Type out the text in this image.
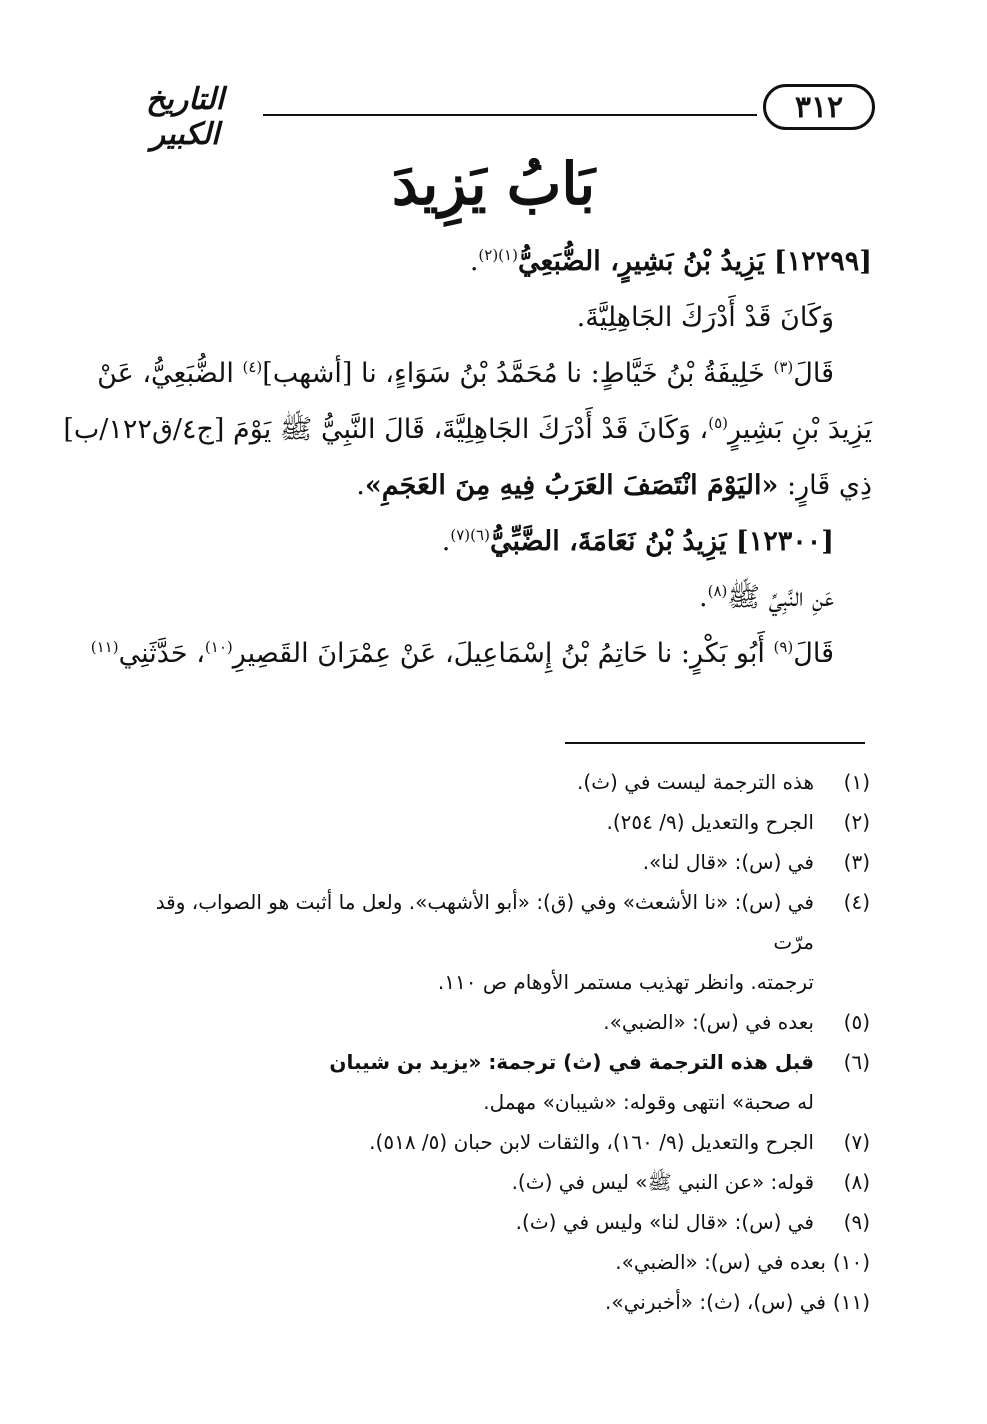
٣١٢
التاريخ الكبير
بَابُ يَزِيدَ
[١٢٢٩٩] يَزِيدُ بْنُ بَشِيرٍ، الضُّبَعِيُّ$^{(١)(٢)}$.
وَكَانَ قَدْ أَدْرَكَ الجَاهِلِيَّةَ.
قَالَ$^{(٣)}$ خَلِيفَةُ بْنُ خَيَّاطٍ: نا مُحَمَّدُ بْنُ سَوَاءٍ، نا [أشهب]$^{(٤)}$ الضُّبَعِيُّ، عَنْ
يَزِيدَ بْنِ بَشِيرٍ$^{(٥)}$، وَكَانَ قَدْ أَدْرَكَ الجَاهِلِيَّةَ، قَالَ النَّبِيُّ ﷺ يَوْمَ [ج٤/ق١٢٢/ب]
ذِي قَارٍ: «اليَوْمَ انْتَصَفَ العَرَبُ فِيهِ مِنَ العَجَمِ».
[١٢٣٠٠] يَزِيدُ بْنُ نَعَامَةَ، الضَّبِّيُّ$^{(٦)(٧)}$.
عَنِ النَّبِيِّ ﷺ$^{(٨)}$.
قَالَ$^{(٩)}$ أَبُو بَكْرٍ: نا حَاتِمُ بْنُ إِسْمَاعِيلَ، عَنْ عِمْرَانَ القَصِيرِ$^{(١٠)}$، حَدَّثَنِي$^{(١١)}$
(١)
هذه الترجمة ليست في (ث).
(٢)
الجرح والتعديل (٩/ ٢٥٤).
(٣)
في (س): «قال لنا».
(٤)
في (س): «نا الأشعث» وفي (ق): «أبو الأشهب». ولعل ما أثبت هو الصواب، وقد مرّت
ترجمته. وانظر تهذيب مستمر الأوهام ص ١١٠.
(٥)
بعده في (س): «الضبي».
(٦)
قبل هذه الترجمة في (ث) ترجمة: «يزيد بن شيبان
له صحبة» انتهى وقوله: «شيبان» مهمل.
(٧)
الجرح والتعديل (٩/ ١٦٠)، والثقات لابن حبان (٥/ ٥١٨).
(٨)
قوله: «عن النبي ﷺ» ليس في (ث).
(٩)
في (س): «قال لنا» وليس في (ث).
(١٠)
بعده في (س): «الضبي».
(١١)
في (س)، (ث): «أخبرني».
